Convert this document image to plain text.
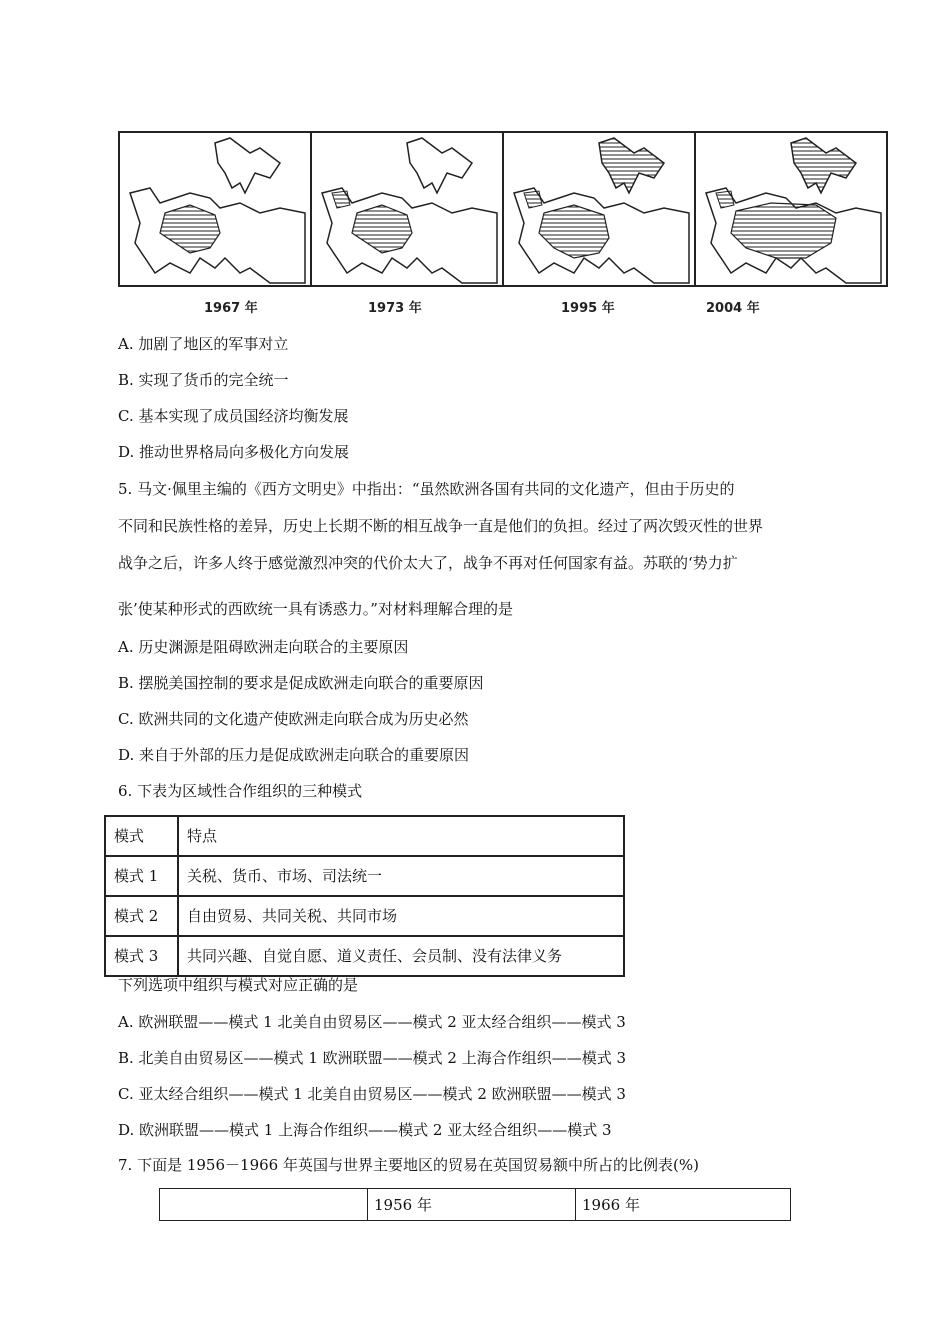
1967 年	1973 年	1995 年	2004 年
A. 加剧了地区的军事对立
B. 实现了货币的完全统一
C. 基本实现了成员国经济均衡发展
D. 推动世界格局向多极化方向发展
5. 马文·佩里主编的《西方文明史》中指出：“虽然欧洲各国有共同的文化遗产，但由于历史的
不同和民族性格的差异，历史上长期不断的相互战争一直是他们的负担。经过了两次毁灭性的世界
战争之后，许多人终于感觉激烈冲突的代价太大了，战争不再对任何国家有益。苏联的‘势力扩
张’使某种形式的西欧统一具有诱惑力。”对材料理解合理的是
A. 历史渊源是阻碍欧洲走向联合的主要原因
B. 摆脱美国控制的要求是促成欧洲走向联合的重要原因
C. 欧洲共同的文化遗产使欧洲走向联合成为历史必然
D. 来自于外部的压力是促成欧洲走向联合的重要原因
6. 下表为区域性合作组织的三种模式
模式	特点
模式 1	关税、货币、市场、司法统一
模式 2	自由贸易、共同关税、共同市场
模式 3	共同兴趣、自觉自愿、道义责任、会员制、没有法律义务
下列选项中组织与模式对应正确的是
A. 欧洲联盟——模式 1 北美自由贸易区——模式 2 亚太经合组织——模式 3
B. 北美自由贸易区——模式 1 欧洲联盟——模式 2 上海合作组织——模式 3
C. 亚太经合组织——模式 1 北美自由贸易区——模式 2 欧洲联盟——模式 3
D. 欧洲联盟——模式 1 上海合作组织——模式 2 亚太经合组织——模式 3
7. 下面是 1956－1966 年英国与世界主要地区的贸易在英国贸易额中所占的比例表(%)
	1956 年	1966 年
